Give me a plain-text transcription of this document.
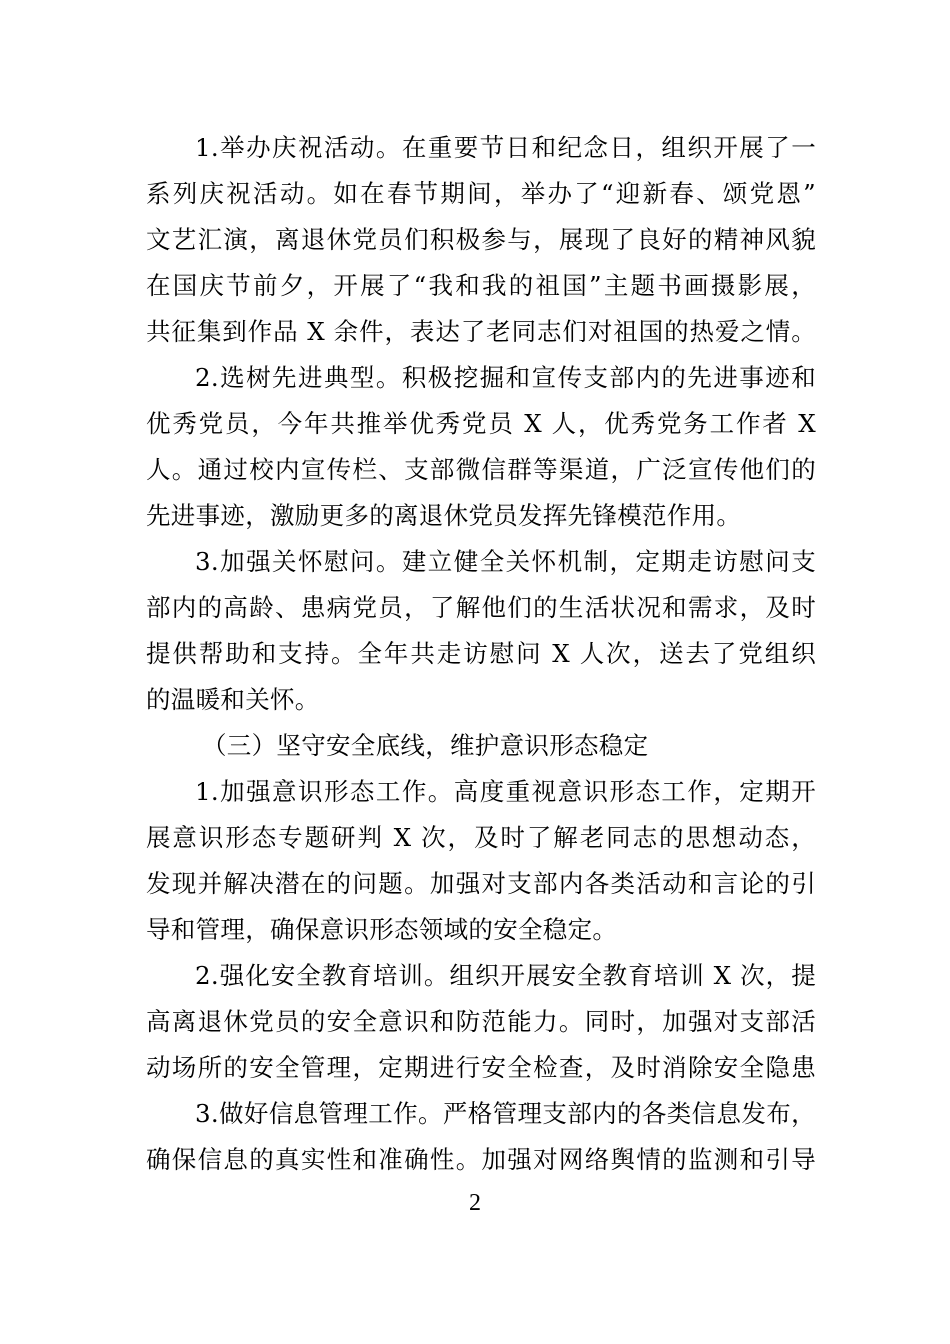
1.举办庆祝活动。在重要节日和纪念日，组织开展了一
系列庆祝活动。如在春节期间，举办了“迎新春、颂党恩”
文艺汇演，离退休党员们积极参与，展现了良好的精神风貌
在国庆节前夕，开展了“我和我的祖国”主题书画摄影展，
共征集到作品 X 余件，表达了老同志们对祖国的热爱之情。
2.选树先进典型。积极挖掘和宣传支部内的先进事迹和
优秀党员，今年共推举优秀党员 X 人，优秀党务工作者 X
人。通过校内宣传栏、支部微信群等渠道，广泛宣传他们的
先进事迹，激励更多的离退休党员发挥先锋模范作用。
3.加强关怀慰问。建立健全关怀机制，定期走访慰问支
部内的高龄、患病党员，了解他们的生活状况和需求，及时
提供帮助和支持。全年共走访慰问 X 人次，送去了党组织
的温暖和关怀。
（三）坚守安全底线，维护意识形态稳定
1.加强意识形态工作。高度重视意识形态工作，定期开
展意识形态专题研判 X 次，及时了解老同志的思想动态，
发现并解决潜在的问题。加强对支部内各类活动和言论的引
导和管理，确保意识形态领域的安全稳定。
2.强化安全教育培训。组织开展安全教育培训 X 次，提
高离退休党员的安全意识和防范能力。同时，加强对支部活
动场所的安全管理，定期进行安全检查，及时消除安全隐患
3.做好信息管理工作。严格管理支部内的各类信息发布，
确保信息的真实性和准确性。加强对网络舆情的监测和引导
2
